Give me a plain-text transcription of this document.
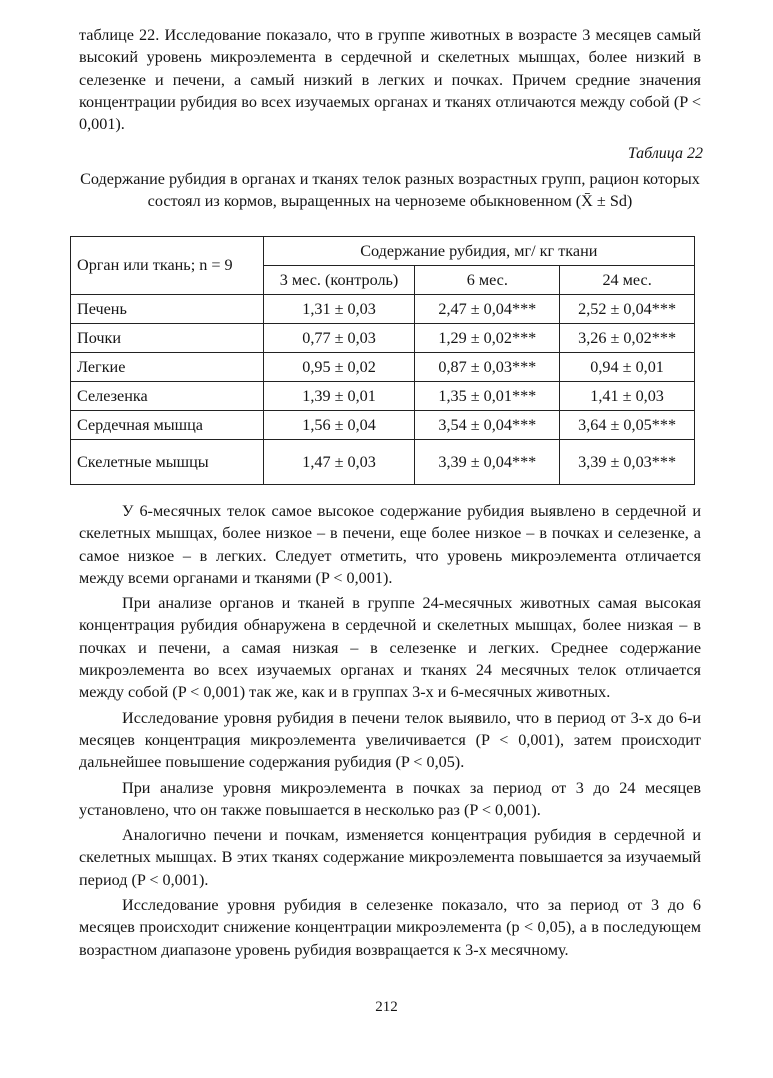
таблице 22. Исследование показало, что в группе животных в возрасте 3 месяцев самый высокий уровень микроэлемента в сердечной и скелетных мышцах, более низкий в селезенке и печени, а самый низкий в легких и почках. Причем средние значения концентрации рубидия во всех изучаемых органах и тканях отличаются между собой (P < 0,001).

Таблица 22
Содержание рубидия в органах и тканях телок разных возрастных групп, рацион которых состоял из кормов, выращенных на черноземе обыкновенном (X̄ ± Sd)
Орган или ткань; n = 9	Содержание рубидия, мг/ кг ткани		
	3 мес. (контроль)	6 мес.	24 мес.
Печень	1,31 ± 0,03	2,47 ± 0,04***	2,52 ± 0,04***
Почки	0,77 ± 0,03	1,29 ± 0,02***	3,26 ± 0,02***
Легкие	0,95 ± 0,02	0,87 ± 0,03***	0,94 ± 0,01
Селезенка	1,39 ± 0,01	1,35 ± 0,01***	1,41 ± 0,03
Сердечная мышца	1,56 ± 0,04	3,54 ± 0,04***	3,64 ± 0,05***
Скелетные мышцы	1,47 ± 0,03	3,39 ± 0,04***	3,39 ± 0,03***

У 6-месячных телок самое высокое содержание рубидия выявлено в сердечной и скелетных мышцах, более низкое – в печени, еще более низкое – в почках и селезенке, а самое низкое – в легких. Следует отметить, что уровень микроэлемента отличается между всеми органами и тканями (P < 0,001).

При анализе органов и тканей в группе 24-месячных животных самая высокая концентрация рубидия обнаружена в сердечной и скелетных мышцах, более низкая – в почках и печени, а самая низкая – в селезенке и легких. Среднее содержание микроэлемента во всех изучаемых органах и тканях 24 месячных телок отличается между собой (P < 0,001) так же, как и в группах 3-х и 6-месячных животных.

Исследование уровня рубидия в печени телок выявило, что в период от 3-х до 6-и месяцев концентрация микроэлемента увеличивается (P < 0,001), затем происходит дальнейшее повышение содержания рубидия (P < 0,05).

При анализе уровня микроэлемента в почках за период от 3 до 24 месяцев установлено, что он также повышается в несколько раз (P < 0,001).

Аналогично печени и почкам, изменяется концентрация рубидия в сердечной и скелетных мышцах. В этих тканях содержание микроэлемента повышается за изучаемый период (P < 0,001).

Исследование уровня рубидия в селезенке показало, что за период от 3 до 6 месяцев происходит снижение концентрации микроэлемента (p < 0,05), а в последующем возрастном диапазоне уровень рубидия возвращается к 3-х месячному.

212
